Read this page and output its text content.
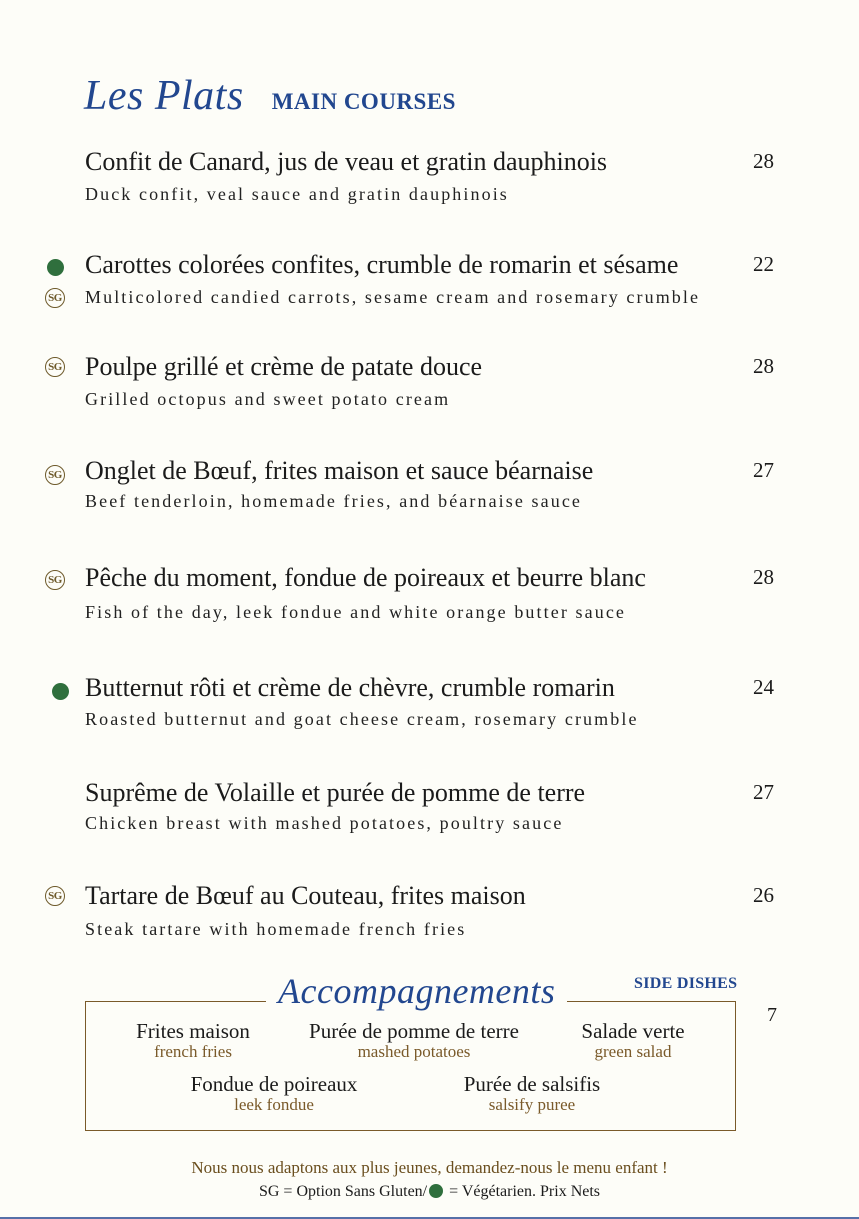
Les Plats MAIN COURSES
Confit de Canard, jus de veau et gratin dauphinois
Duck confit, veal sauce and gratin dauphinois
28
SG
Carottes colorées confites, crumble de romarin et sésame
Multicolored candied carrots, sesame cream and rosemary crumble
22
SG Poulpe grillé et crème de patate douce
Grilled octopus and sweet potato cream
28
SG Onglet de Bœuf, frites maison et sauce béarnaise
Beef tenderloin, homemade fries, and béarnaise sauce
27
SG Pêche du moment, fondue de poireaux et beurre blanc
Fish of the day, leek fondue and white orange butter sauce
28
Butternut rôti et crème de chèvre, crumble romarin
Roasted butternut and goat cheese cream, rosemary crumble
24
Suprême de Volaille et purée de pomme de terre
Chicken breast with mashed potatoes, poultry sauce
27
SG Tartare de Bœuf au Couteau, frites maison
Steak tartare with homemade french fries
26
Accompagnements	SIDE DISHES
7
Frites maison
french fries
Purée de pomme de terre
mashed potatoes
Salade verte
green salad
Fondue de poireaux
leek fondue
Purée de salsifis
salsify puree
Nous nous adaptons aux plus jeunes, demandez-nous le menu enfant !
SG = Option Sans Gluten/ = Végétarien. Prix Nets
